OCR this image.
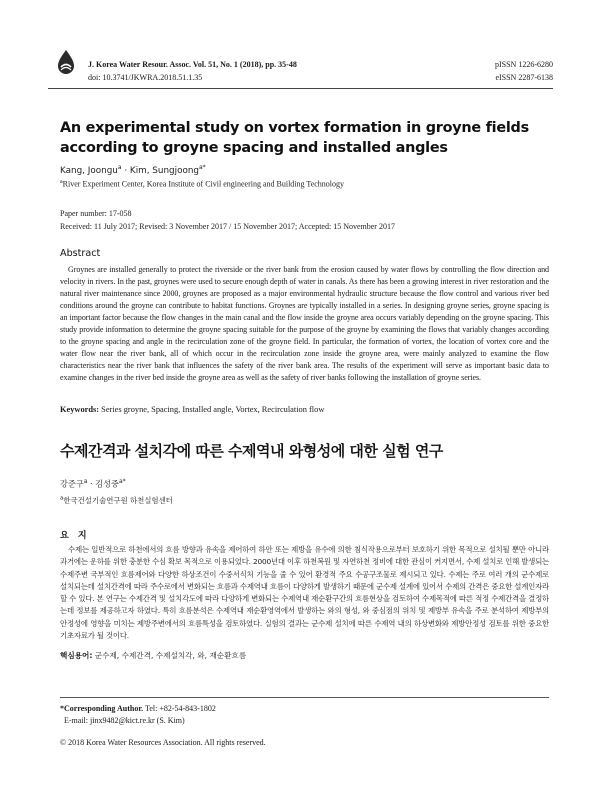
J. Korea Water Resour. Assoc. Vol. 51, No. 1 (2018), pp. 35-48
doi: 10.3741/JKWRA.2018.51.1.35
pISSN 1226-6280
eISSN 2287-6138
An experimental study on vortex formation in groyne fields according to groyne spacing and installed angles
Kang, Joongu$^a$ · Kim, Sungjoong$^{a*}$
$^a$River Experiment Center, Korea Institute of Civil engineering and Building Technology
Paper number: 17-058
Received: 11 July 2017; Revised: 3 November 2017 / 15 November 2017; Accepted: 15 November 2017
Abstract
Groynes are installed generally to protect the riverside or the river bank from the erosion caused by water flows by controlling the flow direction and velocity in rivers. In the past, groynes were used to secure enough depth of water in canals. As there has been a growing interest in river restoration and the natural river maintenance since 2000, groynes are proposed as a major environmental hydraulic structure because the flow control and various river bed conditions around the groyne can contribute to habitat functions. Groynes are typically installed in a series. In designing groyne series, groyne spacing is an important factor because the flow changes in the main canal and the flow inside the groyne area occurs variably depending on the groyne spacing. This study provide information to determine the groyne spacing suitable for the purpose of the groyne by examining the flows that variably changes according to the groyne spacing and angle in the recirculation zone of the groyne field. In particular, the formation of vortex, the location of vortex core and the water flow near the river bank, all of which occur in the recirculation zone inside the groyne area, were mainly analyzed to examine the flow characteristics near the river bank that influences the safety of the river bank area. The results of the experiment will serve as important basic data to examine changes in the river bed inside the groyne area as well as the safety of river banks following the installation of groyne series.
Keywords: Series groyne, Spacing, Installed angle, Vortex, Recirculation flow
수제간격과 설치각에 따른 수제역내 와형성에 대한 실험 연구
강준구$^a$ · 김성중$^{a*}$
$^a$한국건설기술연구원 하천실험센터
요 지
수제는 일반적으로 하천에서의 흐름 방향과 유속을 제어하여 하안 또는 제방을 유수에 의한 침식작용으로부터 보호하기 위한 목적으로 설치될 뿐만 아니라 과거에는 운하를 위한 충분한 수심 확보 목적으로 이용되었다. 2000년대 이후 하천복원 및 자연하천 정비에 대한 관심이 커지면서, 수제 설치로 인해 발생되는 수제주변 국부적인 흐름제어와 다양한 하상조건이 수중서식처 기능을 줄 수 있어 환경적 주요 수공구조물로 제시되고 있다. 수제는 주로 여러 개의 군수제로 설치되는데 설치간격에 따라 주수로에서 변화되는 흐름과 수제역내 흐름이 다양하게 발생하기 때문에 군수제 설계에 있어서 수제의 간격은 중요한 설계인자라 할 수 있다. 본 연구는 수제간격 및 설치각도에 따라 다양하게 변화되는 수제역내 재순환구간의 흐름현상을 검토하여 수제목적에 따른 적정 수제간격을 결정하는데 정보를 제공하고자 하였다. 특히 흐름분석은 수제역내 재순환영역에서 발생하는 와의 형성, 와 중심점의 위치 및 제방부 유속을 주로 분석하여 제방부의 안정성에 영향을 미치는 제방주변에서의 흐름특성을 검토하였다. 실험의 결과는 군수제 설치에 따른 수제역 내의 하상변화와 제방안정성 검토를 위한 중요한 기초자료가 될 것이다.
핵심용어: 군수제, 수제간격, 수제설치각, 와, 재순환흐름
*Corresponding Author. Tel: +82-54-843-1802
E-mail: jinx9482@kict.re.kr (S. Kim)
© 2018 Korea Water Resources Association. All rights reserved.
